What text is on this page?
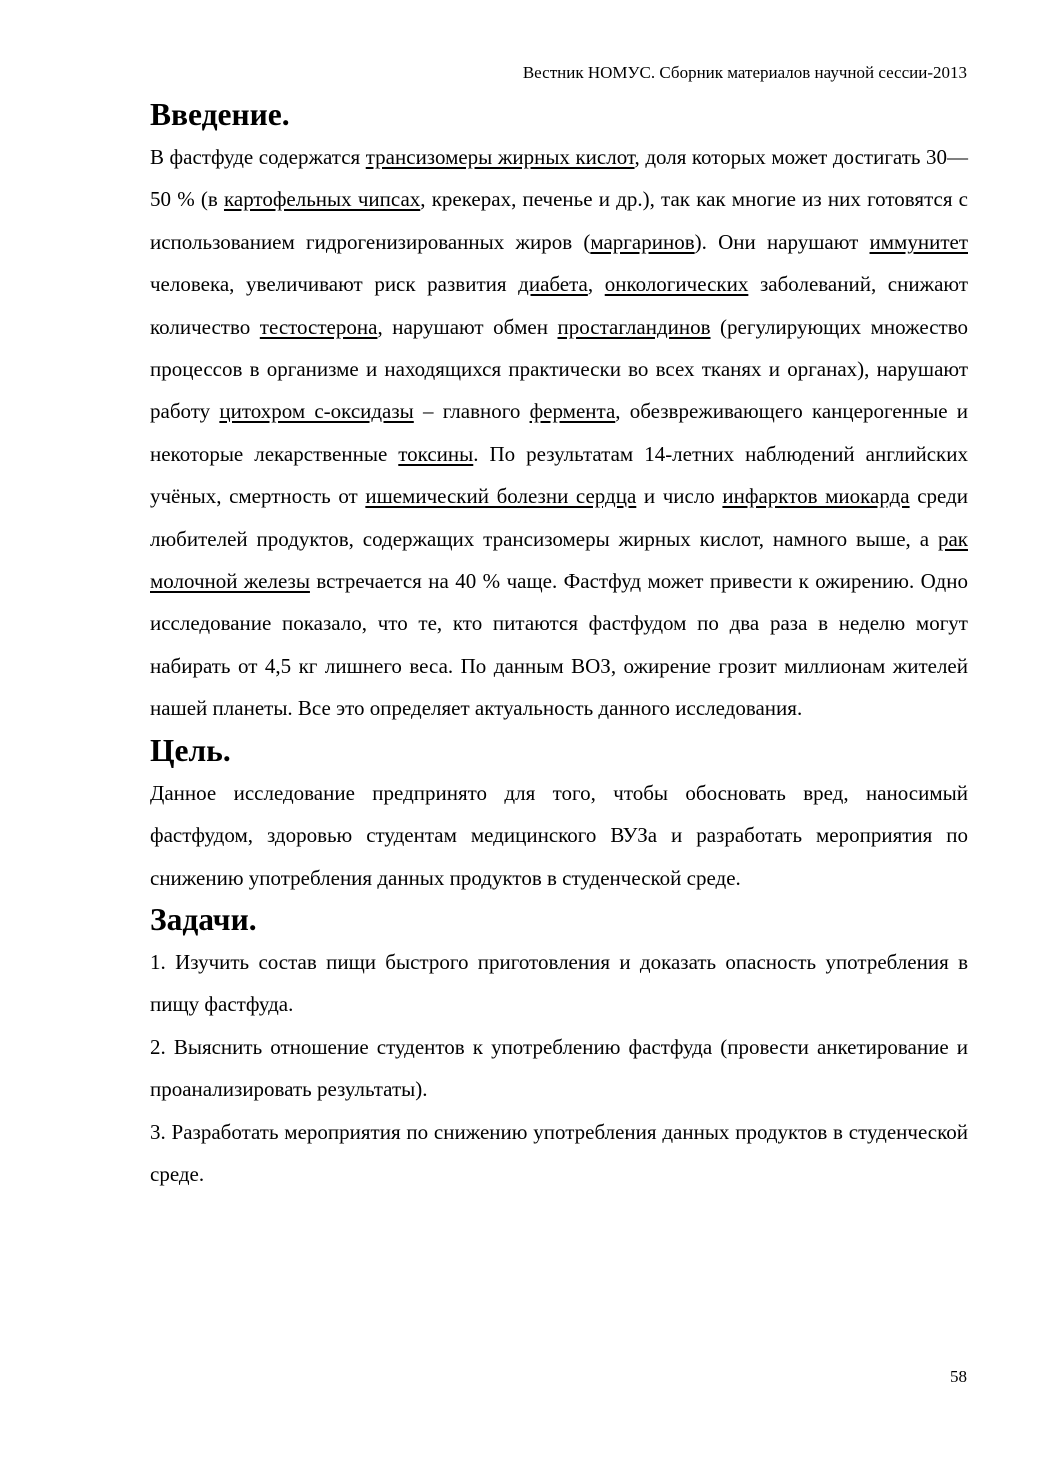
Вестник НОМУС. Сборник материалов научной сессии-2013
Введение.

В фастфуде содержатся трансизомеры жирных кислот, доля которых может достигать 30—50 % (в картофельных чипсах, крекерах, печенье и др.), так как многие из них готовятся с использованием гидрогенизированных жиров (маргаринов). Они нарушают иммунитет человека, увеличивают риск развития диабета, онкологических заболеваний, снижают количество тестостерона, нарушают обмен простагландинов (регулирующих множество процессов в организме и находящихся практически во всех тканях и органах), нарушают работу цитохром с-оксидазы – главного фермента, обезвреживающего канцерогенные и некоторые лекарственные токсины. По результатам 14-летних наблюдений английских учёных, смертность от ишемический болезни сердца и число инфарктов миокарда среди любителей продуктов, содержащих трансизомеры жирных кислот, намного выше, а рак молочной железы встречается на 40 % чаще. Фастфуд может привести к ожирению. Одно исследование показало, что те, кто питаются фастфудом по два раза в неделю могут набирать от 4,5 кг лишнего веса. По данным ВОЗ, ожирение грозит миллионам жителей нашей планеты. Все это определяет актуальность данного исследования.

Цель.

Данное исследование предпринято для того, чтобы обосновать вред, наносимый фастфудом, здоровью студентам медицинского ВУЗа и разработать мероприятия по снижению употребления данных продуктов в студенческой среде.

Задачи.

1. Изучить состав пищи быстрого приготовления и доказать опасность употребления в пищу фастфуда.

2. Выяснить отношение студентов к употреблению фастфуда (провести анкетирование и проанализировать результаты).

3. Разработать мероприятия по снижению употребления данных продуктов в студенческой среде.

58
